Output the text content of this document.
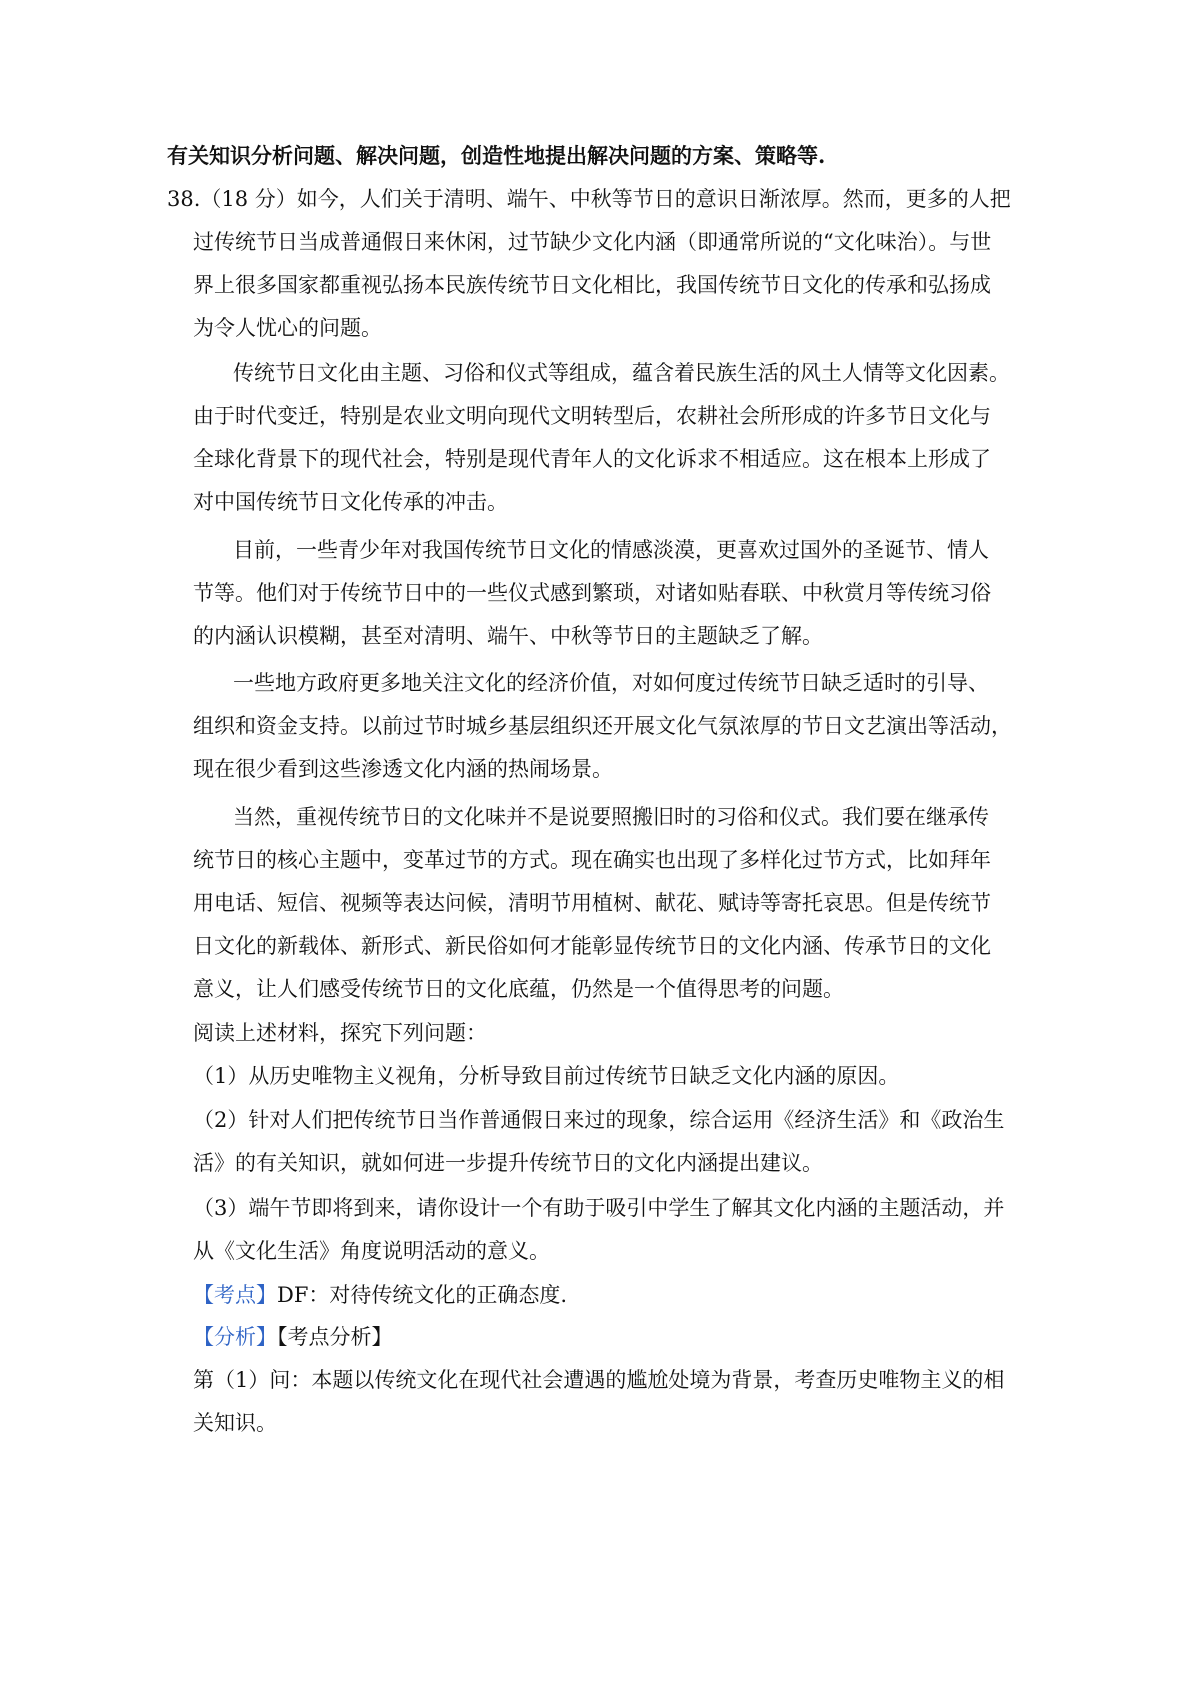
有关知识分析问题、解决问题，创造性地提出解决问题的方案、策略等.
38.（18 分）如今，人们关于清明、端午、中秋等节日的意识日渐浓厚。然而，更多的人把
过传统节日当成普通假日来休闲，过节缺少文化内涵（即通常所说的“文化味治）。与世
界上很多国家都重视弘扬本民族传统节日文化相比，我国传统节日文化的传承和弘扬成
为令人忧心的问题。
传统节日文化由主题、习俗和仪式等组成，蕴含着民族生活的风土人情等文化因素。
由于时代变迁，特别是农业文明向现代文明转型后，农耕社会所形成的许多节日文化与
全球化背景下的现代社会，特别是现代青年人的文化诉求不相适应。这在根本上形成了
对中国传统节日文化传承的冲击。
目前，一些青少年对我国传统节日文化的情感淡漠，更喜欢过国外的圣诞节、情人
节等。他们对于传统节日中的一些仪式感到繁琐，对诸如贴春联、中秋赏月等传统习俗
的内涵认识模糊，甚至对清明、端午、中秋等节日的主题缺乏了解。
一些地方政府更多地关注文化的经济价值，对如何度过传统节日缺乏适时的引导、
组织和资金支持。以前过节时城乡基层组织还开展文化气氛浓厚的节日文艺演出等活动，
现在很少看到这些渗透文化内涵的热闹场景。
当然，重视传统节日的文化味并不是说要照搬旧时的习俗和仪式。我们要在继承传
统节日的核心主题中，变革过节的方式。现在确实也出现了多样化过节方式，比如拜年
用电话、短信、视频等表达问候，清明节用植树、献花、赋诗等寄托哀思。但是传统节
日文化的新载体、新形式、新民俗如何才能彰显传统节日的文化内涵、传承节日的文化
意义，让人们感受传统节日的文化底蕴，仍然是一个值得思考的问题。
阅读上述材料，探究下列问题：
（1）从历史唯物主义视角，分析导致目前过传统节日缺乏文化内涵的原因。
（2）针对人们把传统节日当作普通假日来过的现象，综合运用《经济生活》和《政治生
活》的有关知识，就如何进一步提升传统节日的文化内涵提出建议。
（3）端午节即将到来，请你设计一个有助于吸引中学生了解其文化内涵的主题活动，并
从《文化生活》角度说明活动的意义。
【考点】DF：对待传统文化的正确态度.
【分析】【考点分析】
第（1）问：本题以传统文化在现代社会遭遇的尴尬处境为背景，考查历史唯物主义的相
关知识。
